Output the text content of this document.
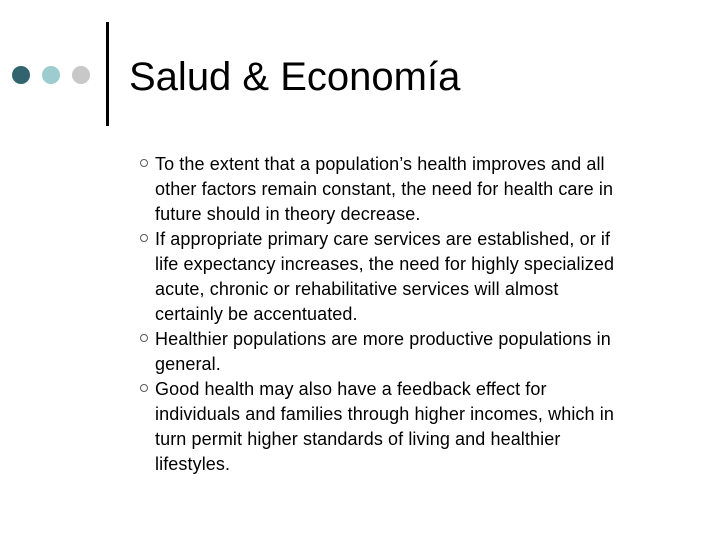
Salud & Economía
To the extent that a population’s health improves and all
other factors remain constant, the need for health care in
future should in theory decrease.
If appropriate primary care services are established, or if
life expectancy increases, the need for highly specialized
acute, chronic or rehabilitative services will almost
certainly be accentuated.
Healthier populations are more productive populations in
general.
Good health may also have a feedback effect for
individuals and families through higher incomes, which in
turn permit higher standards of living and healthier
lifestyles.
